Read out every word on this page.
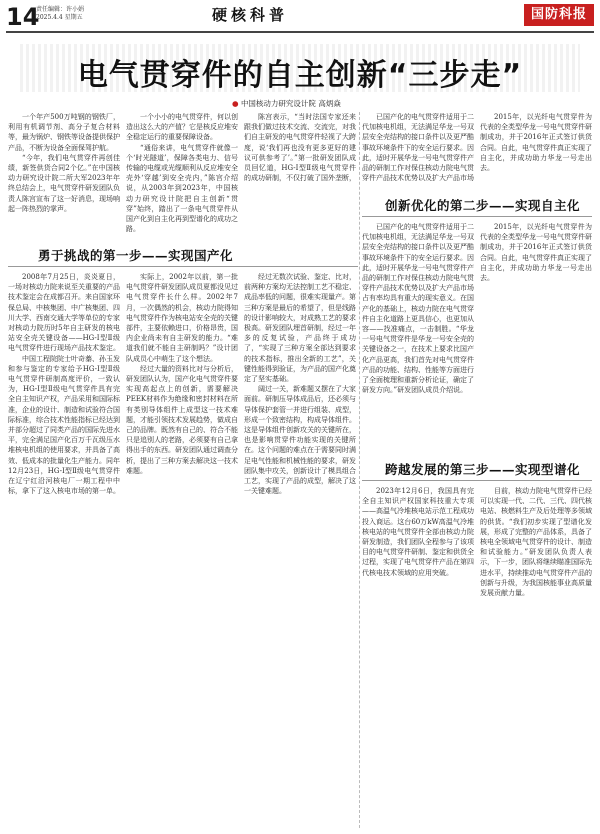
14
责任编辑：许小娟
2025.4.4 星期五	硬核科普	国防科报
电气贯穿件的自主创新“三步走”
● 中国核动力研究设计院 高炳焱

一个年产500万吨钢的钢铁厂，利用有机调节剂、高分子复合材料等，最为锅炉、钢铁等设备提供保护产品，不断为设备全面保驾护航。

“今年，我们电气贯穿件再创佳绩，新签供货合同2个亿。”在中国核动力研究设计院二所大军2023年年终总结会上，电气贯穿件研发团队负责人陈宫宣布了这一好消息，现场响起一阵热烈的掌声。

一个小小的电气贯穿件，何以创造出这么大的产值？它是核反应堆安全稳定运行的重要保障设备。

“通俗来讲，电气贯穿件就像一个‘时光隧道’，保障各类电力、信号传输的电缆或光缆顺利从反应堆安全壳外‘穿越’到安全壳内，”陈宫介绍说，从2003年到2023年，中国核动力研究设计院把自主创新“贯穿”始终，踏出了一条电气贯穿件从国产化到自主化再到型谱化的成功之路。

陈宫表示，“当时法国专家还来跟我们做过技术交流、交流完，对我们自主研发的电气贯穿件轻视了大跨度，说‘我们再也没有更多更好的建议可供参考了’。”第一批研发团队成员回忆道，HG-I型Ⅱ级电气贯穿件的成功研制，不仅打破了国外垄断，

已国产化的电气贯穿件适用于二代加核电机组，无法满足华龙一号双层安全壳结构的接口条件以及更严酷事故环境条件下的安全运行要求。因此，适时开展华龙一号电气贯穿件产品的研制工作对保住核动力院电气贯穿件产品技术优势以及扩大产品市场

2015年，以光纤电气贯穿件为代表的全类型华龙一号电气贯穿件研制成功，并于2016年正式签订供货合同。自此，电气贯穿件真正实现了自主化，并成功助力华龙一号走出去。

勇于挑战的第一步——实现国产化

2008年7月25日，炎炎夏日，一场对核动力院来说至关重要的产品技术鉴定会在成都召开。来自国家环保总局、中核集团、中广核集团、四川大学、西南交通大学等单位的专家对核动力院历时5年自主研发的核电站安全壳关键设备——HG-I型Ⅱ级电气贯穿件进行现场产品技术鉴定。

中国工程院院士叶奇蓁、孙玉发和参与鉴定的专家给予HG-I型Ⅱ级电气贯穿件研制高度评价，一致认为，HG-I型Ⅱ级电气贯穿件具有完全自主知识产权，产品采用和国际标准，企业的设计、制造和试验符合国际标准，综合技术性能指标已经达到并部分超过了同类产品的国际先进水平，完全满足国产化百万千瓦级压水堆核电机组的使用要求，并具备了高效、低成本的批量化生产能力。同年12月23日，HG-I型Ⅱ级电气贯穿件在辽宁红沿河核电厂一期工程中中标，拿下了这入核电市场的第一单。

实际上，2002年以前，第一批电气贯穿件研发团队成员夏都没见过电气贯穿件长什么样。2002年7月，一次偶然的机会，核动力院得知电气贯穿件作为核电站安全壳的关键部件，主要依赖进口，价格昂贵，国内企业尚未有自主研发的能力。“难道我们就不能自主研制吗？”设计团队成员心中萌生了这个想法。

经过大量的资料比对与分析后，研发团队认为，国产化电气贯穿件要实现高起点上的创新，需要解决PEEK材料作为绝缘和密封材料在所有类别导体组件上成型这一技术难题，才能引领技术发展趋势，做成自己的品牌。既然有自己的、符合不能只是追别人的老路，必须要有自己拿得出手的东西。研发团队通过调查分析，提出了三种方案去解决这一技术难题。

经过无数次试验、鉴定、比对，前两种方案均无法控制工艺不稳定、成品率低的问题，很难实现量产。第三种方案是最后的希望了，但是线路的设计影响较大，对成熟工艺的要求极高。研发团队埋首研制，经过一年多的反复试验，产品终于成功了，“实现了三种方案全部达到要求的技术指标，推出全新的工艺”，关键性能得到验证，为产品的国产化奠定了坚实基础。

阔过一关，新难题又摆在了大家面前。研制压导体成品后，还必须与导体保护套管一并进行组装、成型，形成一个致密结构，构成导体组件。这是导体组件创新攻关的关键所在，也是影响贯穿件功能实现的关键所在。这个问题的难点在于需要同时满足电气性能和机械性能的要求，研发团队集中攻关，创新设计了模具组合工艺，实现了产品的成型，解决了这一关键难题。

创新优化的第二步——实现自主化

已国产化的电气贯穿件适用于二代加核电机组，无法满足华龙一号双层安全壳结构的接口条件以及更严酷事故环境条件下的安全运行要求。因此，适时开展华龙一号电气贯穿件产品的研制工作对保住核动力院电气贯穿件产品技术优势以及扩大产品市场占有率均具有重大的现实意义。在国产化的基础上，核动力院在电气贯穿件自主化道路上更具信心，也更加从容——找准痛点，一击制胜。“华龙一号电气贯穿件是华龙一号安全壳的关键设备之一，在技术上要求比国产化产品更高，我们首先对电气贯穿件产品的功能、结构、性能等方面进行了全面梳理和重新分析论证，确定了研发方向。”研发团队成员介绍说。

2015年，以光纤电气贯穿件为代表的全类型华龙一号电气贯穿件研制成功，并于2016年正式签订供货合同。自此，电气贯穿件真正实现了自主化，并成功助力华龙一号走出去。

跨越发展的第三步——实现型谱化

2023年12月6日，我国具有完全自主知识产权国家科技重大专项——高温气冷堆核电站示范工程成功投入商运。这台60万kW高温气冷堆核电站的电气贯穿件全部由核动力院研发制造，我们团队全程参与了该项目的电气贯穿件研制、鉴定和供货全过程，实现了电气贯穿件产品在第四代核电技术领域的应用突破。

目前，核动力院电气贯穿件已经可以实现一代、二代、三代、四代核电站、核燃料生产及后处理等多领域的供货。“我们初步实现了型谱化发展，形成了完整的产品体系，具备了核电全领域电气贯穿件的设计、制造和试验能力。”研发团队负责人表示，下一步，团队将继续瞄准国际先进水平，持续推动电气贯穿件产品的创新与升级，为我国核能事业高质量发展贡献力量。
